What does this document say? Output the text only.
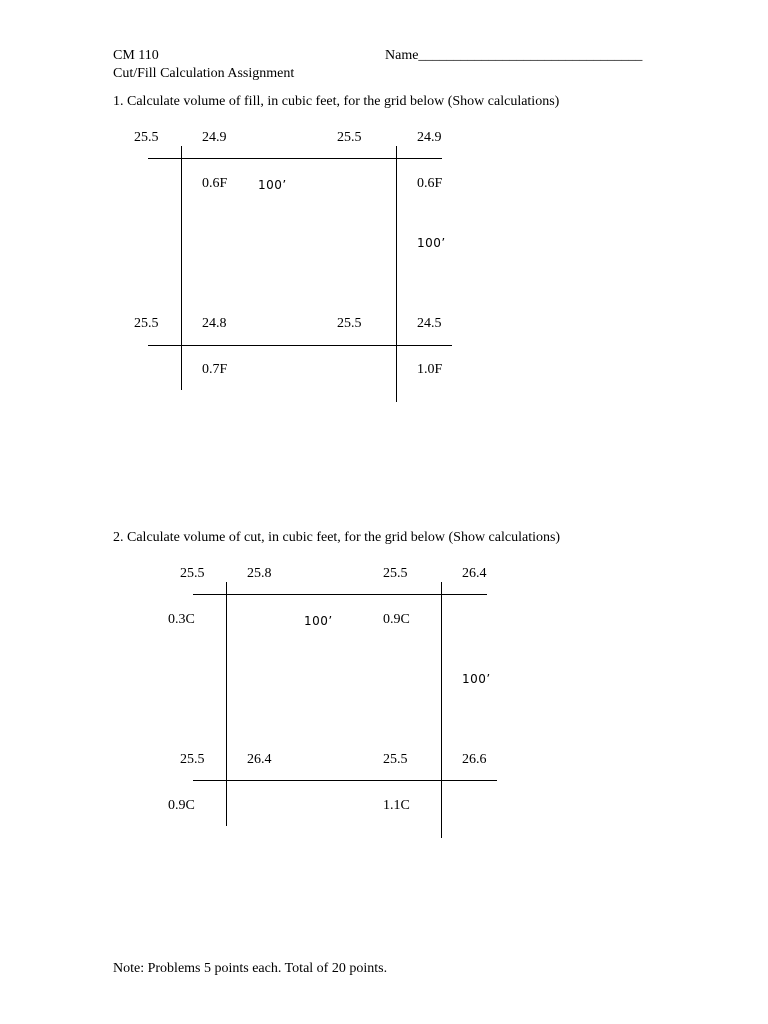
CM 110	Name________________________________
Cut/Fill Calculation Assignment
1. Calculate volume of fill, in cubic feet, for the grid below (Show calculations)
25.5	24.9	25.5	24.9
0.6F	100’	0.6F
100’
25.5	24.8	25.5	24.5
0.7F	1.0F
2. Calculate volume of cut, in cubic feet, for the grid below (Show calculations)
25.5	25.8	25.5	26.4
0.3C	100’	0.9C
100’
25.5	26.4	25.5	26.6
0.9C	1.1C
Note: Problems 5 points each. Total of 20 points.
